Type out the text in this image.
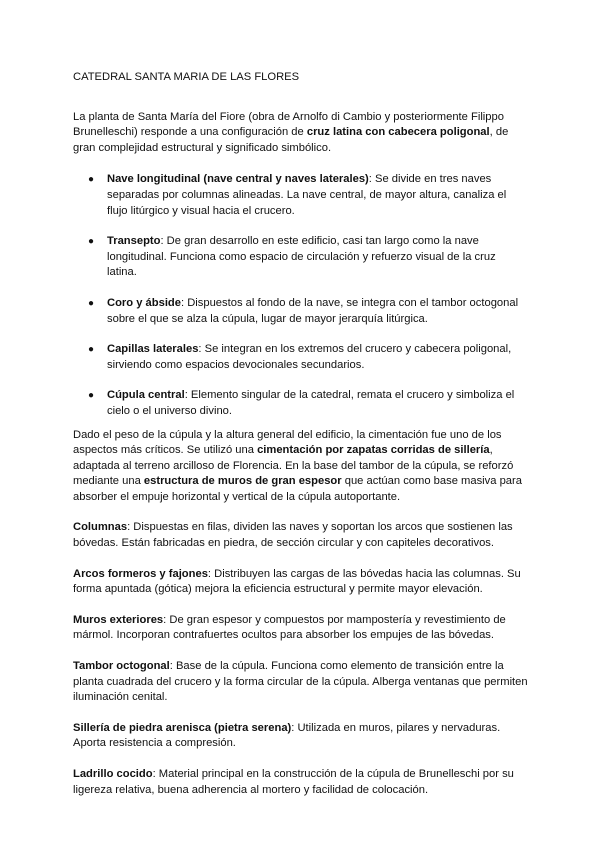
CATEDRAL SANTA MARIA DE LAS FLORES

La planta de Santa María del Fiore (obra de Arnolfo di Cambio y posteriormente Filippo Brunelleschi) responde a una configuración de cruz latina con cabecera poligonal, de gran complejidad estructural y significado simbólico.

● Nave longitudinal (nave central y naves laterales): Se divide en tres naves separadas por columnas alineadas. La nave central, de mayor altura, canaliza el flujo litúrgico y visual hacia el crucero.
● Transepto: De gran desarrollo en este edificio, casi tan largo como la nave longitudinal. Funciona como espacio de circulación y refuerzo visual de la cruz latina.
● Coro y ábside: Dispuestos al fondo de la nave, se integra con el tambor octogonal sobre el que se alza la cúpula, lugar de mayor jerarquía litúrgica.
● Capillas laterales: Se integran en los extremos del crucero y cabecera poligonal, sirviendo como espacios devocionales secundarios.
● Cúpula central: Elemento singular de la catedral, remata el crucero y simboliza el cielo o el universo divino.

Dado el peso de la cúpula y la altura general del edificio, la cimentación fue uno de los aspectos más críticos. Se utilizó una cimentación por zapatas corridas de sillería, adaptada al terreno arcilloso de Florencia. En la base del tambor de la cúpula, se reforzó mediante una estructura de muros de gran espesor que actúan como base masiva para absorber el empuje horizontal y vertical de la cúpula autoportante.

Columnas: Dispuestas en filas, dividen las naves y soportan los arcos que sostienen las bóvedas. Están fabricadas en piedra, de sección circular y con capiteles decorativos.

Arcos formeros y fajones: Distribuyen las cargas de las bóvedas hacia las columnas. Su forma apuntada (gótica) mejora la eficiencia estructural y permite mayor elevación.

Muros exteriores: De gran espesor y compuestos por mampostería y revestimiento de mármol. Incorporan contrafuertes ocultos para absorber los empujes de las bóvedas.

Tambor octogonal: Base de la cúpula. Funciona como elemento de transición entre la planta cuadrada del crucero y la forma circular de la cúpula. Alberga ventanas que permiten iluminación cenital.

Sillería de piedra arenisca (pietra serena): Utilizada en muros, pilares y nervaduras. Aporta resistencia a compresión.

Ladrillo cocido: Material principal en la construcción de la cúpula de Brunelleschi por su ligereza relativa, buena adherencia al mortero y facilidad de colocación.
